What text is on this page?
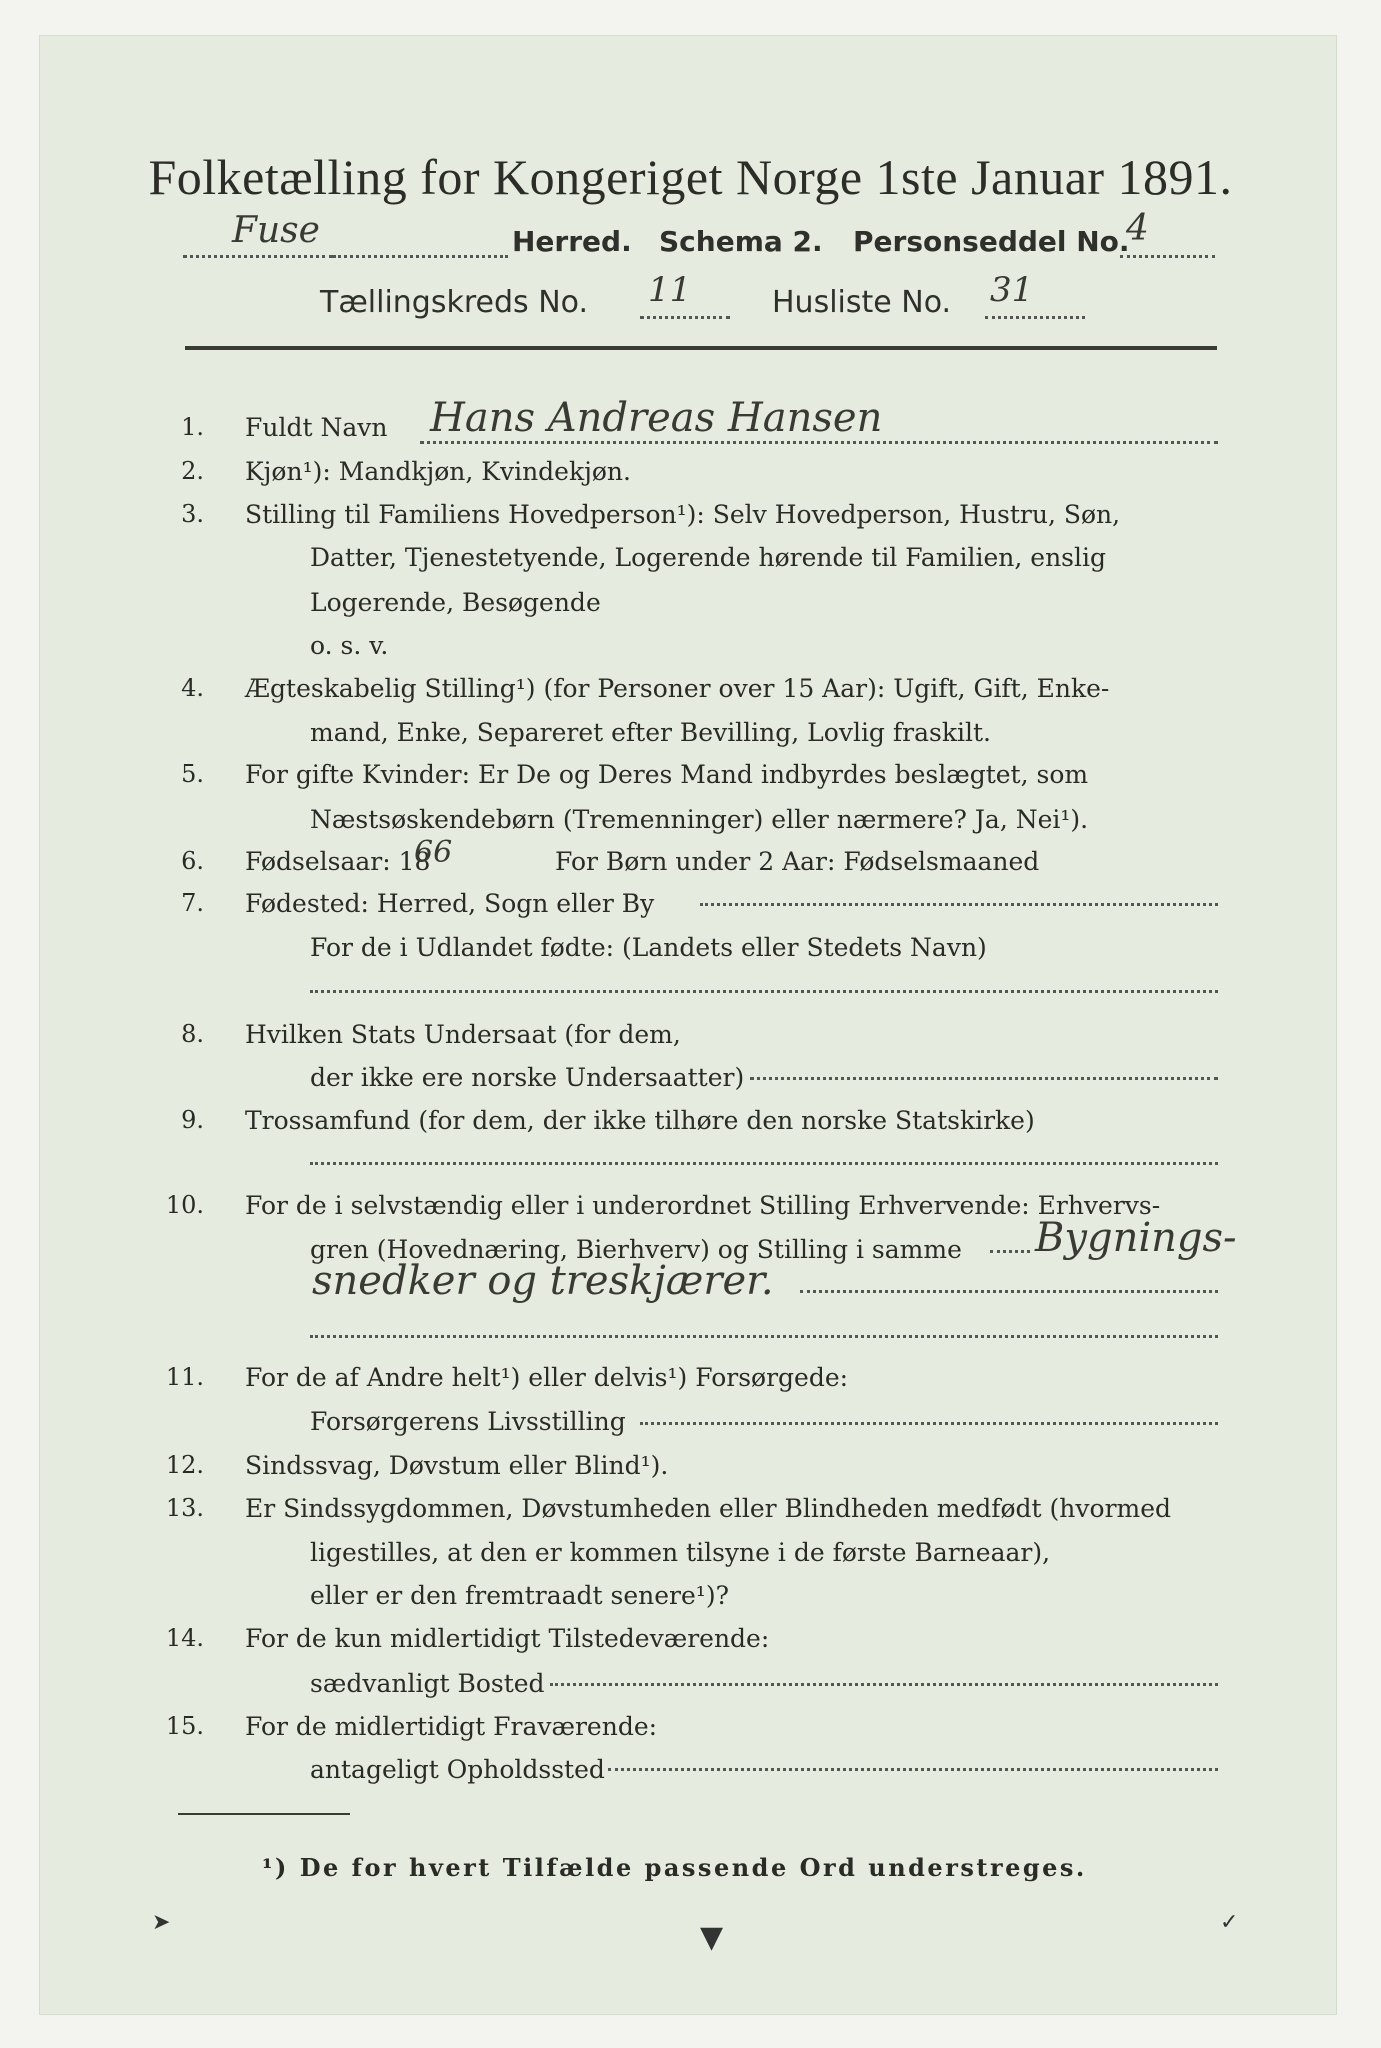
Folketælling for Kongeriget Norge 1ste Januar 1891.
Fuse	Herred. Schema 2. Personseddel No.
4
Tællingskreds No. 11	Husliste No. 31
1. Fuldt Navn Hans Andreas Hansen
2. Kjøn¹): Mandkjøn, Kvindekjøn.
3. Stilling til Familiens Hovedperson¹): Selv Hovedperson, Hustru, Søn,
Datter, Tjenestetyende, Logerende hørende til Familien, enslig
Logerende, Besøgende
o. s. v.
4. Ægteskabelig Stilling¹) (for Personer over 15 Aar): Ugift, Gift, Enke-
mand, Enke, Separeret efter Bevilling, Lovlig fraskilt.
5. For gifte Kvinder: Er De og Deres Mand indbyrdes beslægtet, som
Næstsøskendebørn (Tremenninger) eller nærmere? Ja, Nei¹).
6. Fødselsaar: 18	For Børn under 2 Aar: Fødselsmaaned
66
7. Fødested: Herred, Sogn eller By
For de i Udlandet fødte: (Landets eller Stedets Navn)
8. Hvilken Stats Undersaat (for dem,
der ikke ere norske Undersaatter)
9. Trossamfund (for dem, der ikke tilhøre den norske Statskirke)
10. For de i selvstændig eller i underordnet Stilling Erhvervende: Erhvervs-
gren (Hovednæring, Bierhverv) og Stilling i samme Bygnings-
snedker og treskjærer.
11. For de af Andre helt¹) eller delvis¹) Forsørgede:
Forsørgerens Livsstilling
12. Sindssvag, Døvstum eller Blind¹).
13. Er Sindssygdommen, Døvstumheden eller Blindheden medfødt (hvormed
ligestilles, at den er kommen tilsyne i de første Barneaar),
eller er den fremtraadt senere¹)?
14. For de kun midlertidigt Tilstedeværende:
sædvanligt Bosted
15. For de midlertidigt Fraværende:
antageligt Opholdssted
¹) De for hvert Tilfælde passende Ord understreges.
➤	▼	✓
